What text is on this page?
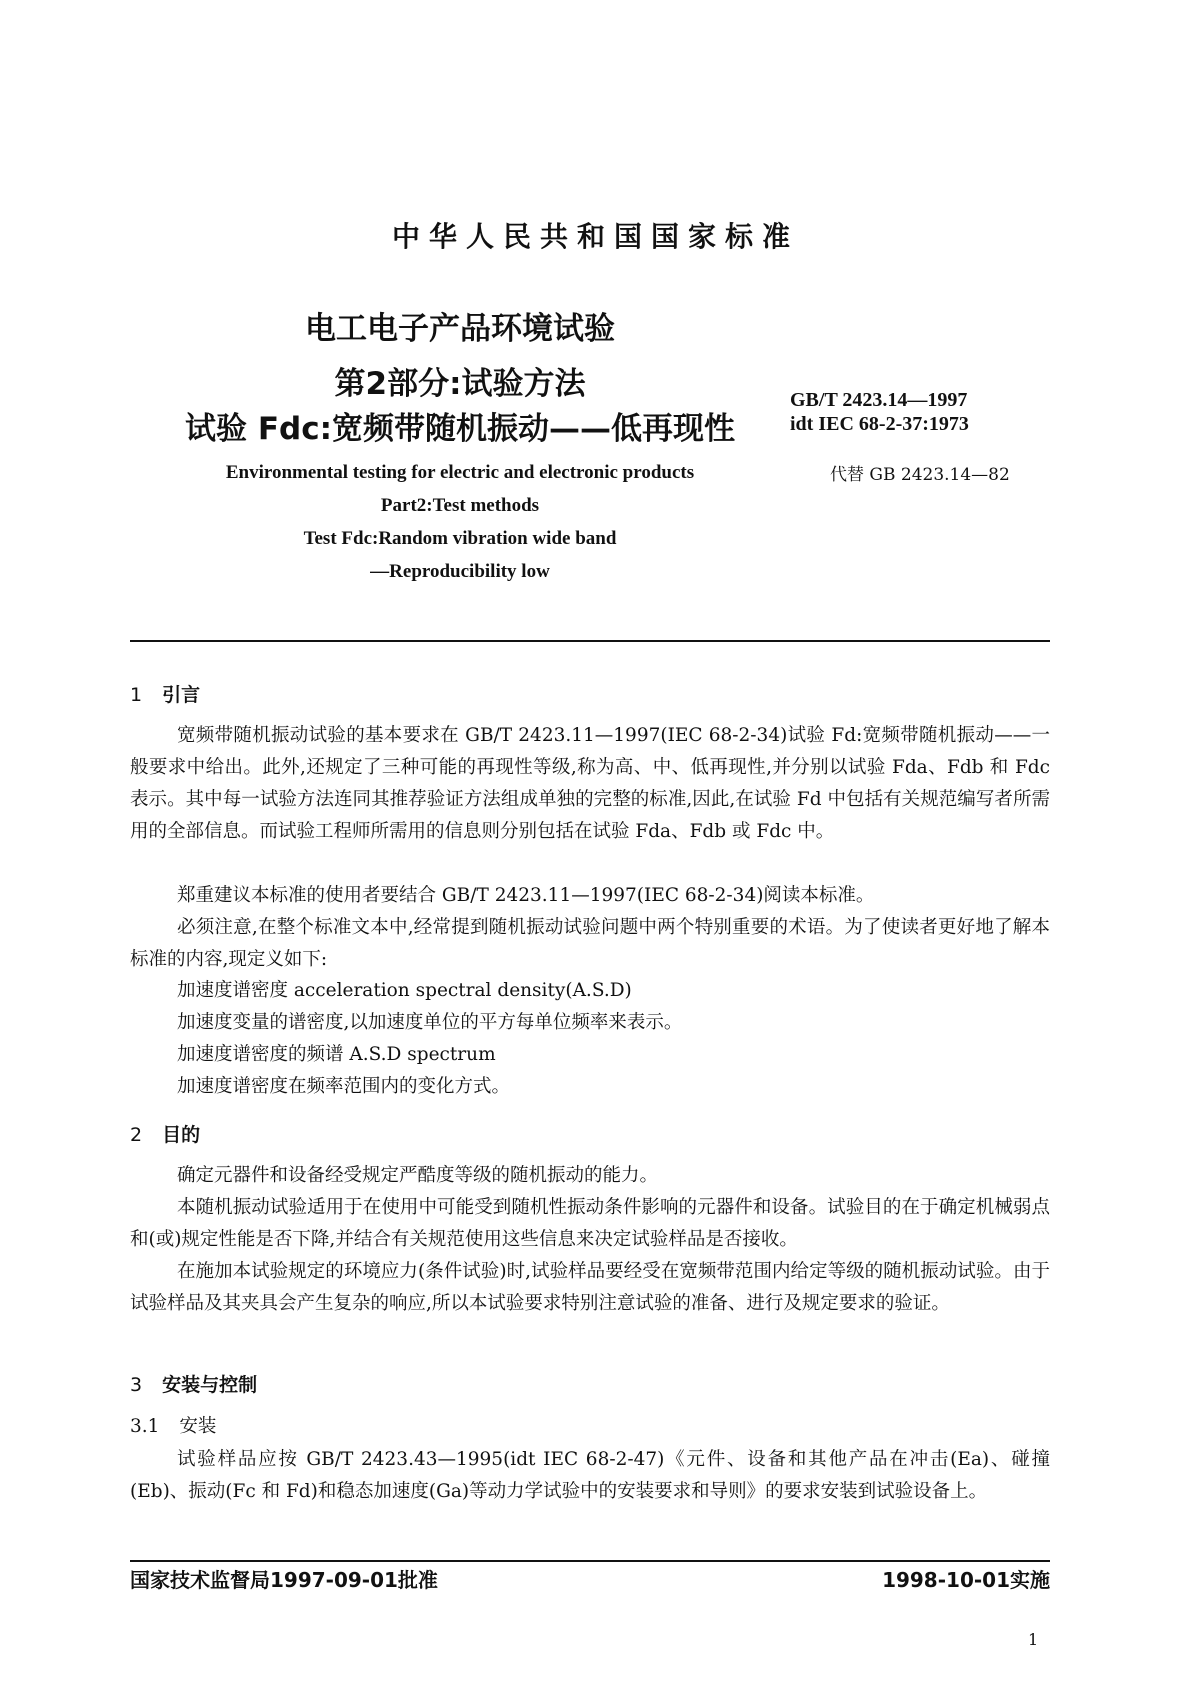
中华人民共和国国家标准
电工电子产品环境试验
第2部分:试验方法
试验 Fdc:宽频带随机振动——低再现性
GB/T 2423.14—1997
idt IEC 68-2-37:1973
代替 GB 2423.14—82
Environmental testing for electric and electronic products
Part2:Test methods
Test Fdc:Random vibration wide band
—Reproducibility low
1 引言
宽频带随机振动试验的基本要求在 GB/T 2423.11—1997(IEC 68-2-34)试验 Fd:宽频带随机振动——一般要求中给出。此外,还规定了三种可能的再现性等级,称为高、中、低再现性,并分别以试验 Fda、Fdb 和 Fdc 表示。其中每一试验方法连同其推荐验证方法组成单独的完整的标准,因此,在试验 Fd 中包括有关规范编写者所需用的全部信息。而试验工程师所需用的信息则分别包括在试验 Fda、Fdb 或 Fdc 中。
郑重建议本标准的使用者要结合 GB/T 2423.11—1997(IEC 68-2-34)阅读本标准。
必须注意,在整个标准文本中,经常提到随机振动试验问题中两个特别重要的术语。为了使读者更好地了解本标准的内容,现定义如下:
加速度谱密度 acceleration spectral density(A.S.D)
加速度变量的谱密度,以加速度单位的平方每单位频率来表示。
加速度谱密度的频谱 A.S.D spectrum
加速度谱密度在频率范围内的变化方式。
2 目的
确定元器件和设备经受规定严酷度等级的随机振动的能力。
本随机振动试验适用于在使用中可能受到随机性振动条件影响的元器件和设备。试验目的在于确定机械弱点和(或)规定性能是否下降,并结合有关规范使用这些信息来决定试验样品是否接收。
在施加本试验规定的环境应力(条件试验)时,试验样品要经受在宽频带范围内给定等级的随机振动试验。由于试验样品及其夹具会产生复杂的响应,所以本试验要求特别注意试验的准备、进行及规定要求的验证。
3 安装与控制
3.1 安装
试验样品应按 GB/T 2423.43—1995(idt IEC 68-2-47)《元件、设备和其他产品在冲击(Ea)、碰撞(Eb)、振动(Fc 和 Fd)和稳态加速度(Ga)等动力学试验中的安装要求和导则》的要求安装到试验设备上。
国家技术监督局1997-09-01批准	1998-10-01实施
1
